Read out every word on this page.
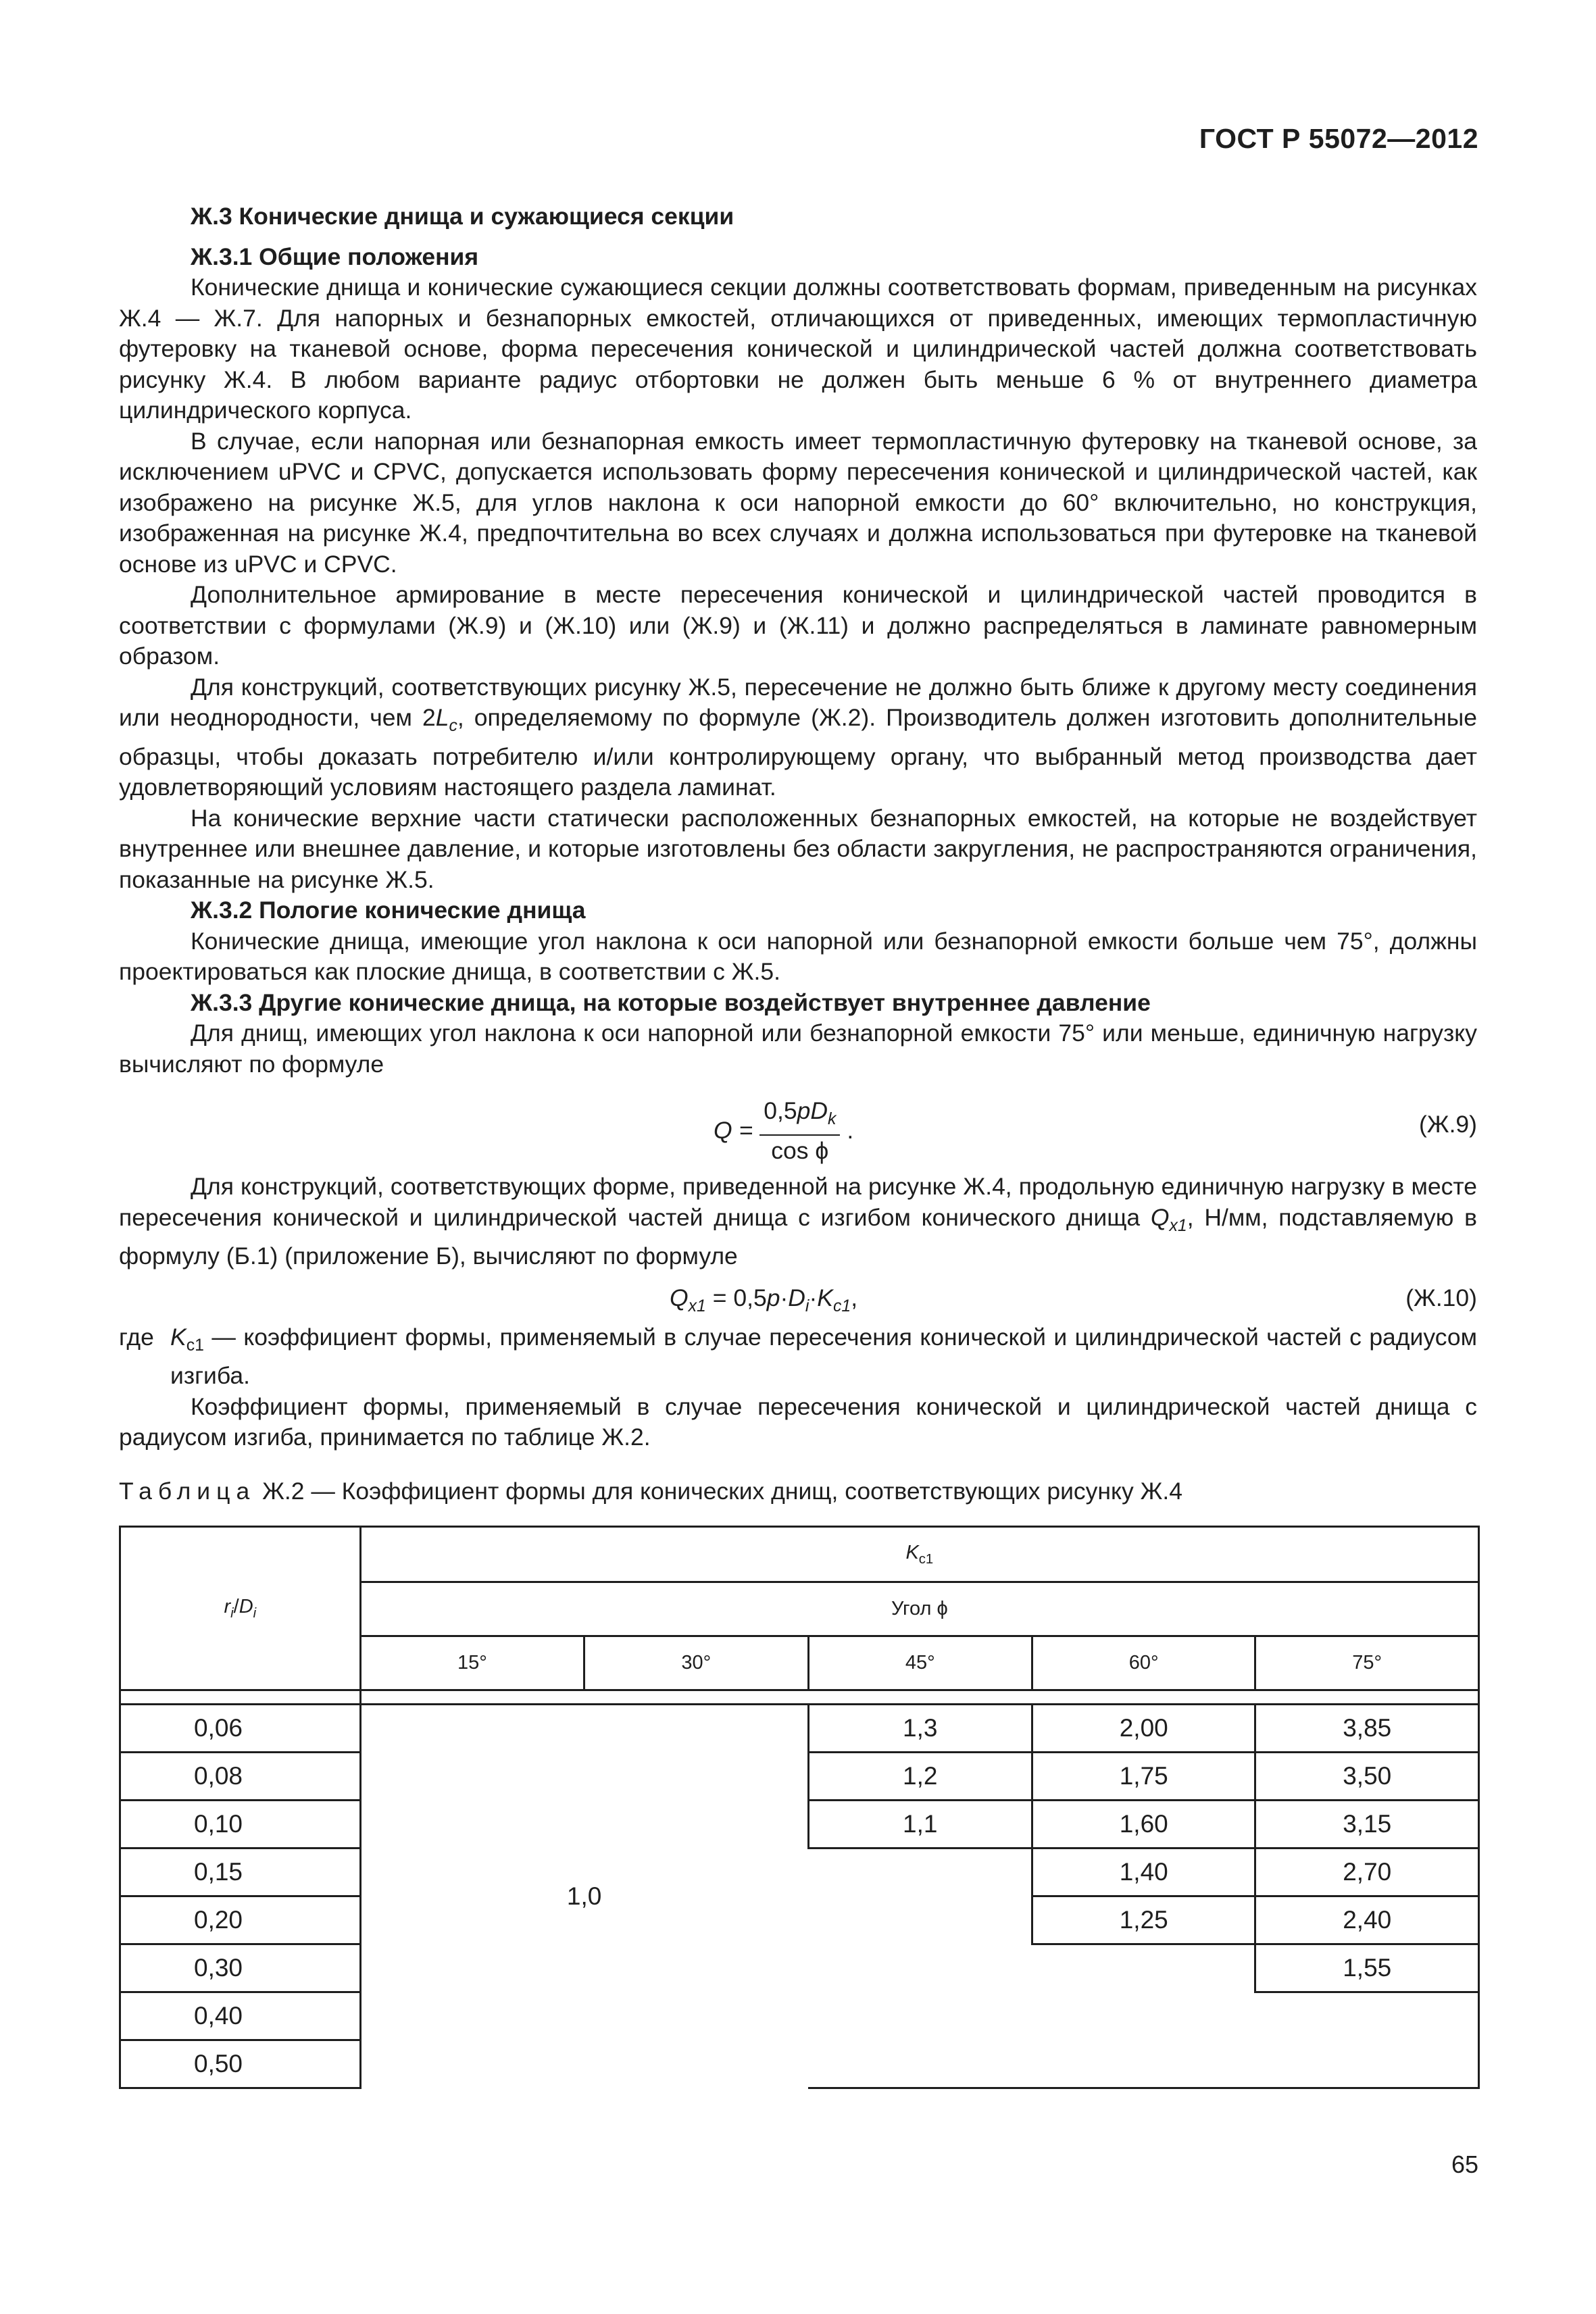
ГОСТ Р 55072—2012

Ж.3 Конические днища и сужающиеся секции

Ж.3.1 Общие положения

Конические днища и конические сужающиеся секции должны соответствовать формам, приведенным на рисунках Ж.4 — Ж.7. Для напорных и безнапорных емкостей, отличающихся от приведенных, имеющих термопластичную футеровку на тканевой основе, форма пересечения конической и цилиндрической частей должна соответствовать рисунку Ж.4. В любом варианте радиус отбортовки не должен быть меньше 6 % от внутреннего диаметра цилиндрического корпуса.

В случае, если напорная или безнапорная емкость имеет термопластичную футеровку на тканевой основе, за исключением uPVC и CPVC, допускается использовать форму пересечения конической и цилиндрической частей, как изображено на рисунке Ж.5, для углов наклона к оси напорной емкости до 60° включительно, но конструкция, изображенная на рисунке Ж.4, предпочтительна во всех случаях и должна использоваться при футеровке на тканевой основе из uPVC и CPVC.

Дополнительное армирование в месте пересечения конической и цилиндрической частей проводится в соответствии с формулами (Ж.9) и (Ж.10) или (Ж.9) и (Ж.11) и должно распределяться в ламинате равномерным образом.

Для конструкций, соответствующих рисунку Ж.5, пересечение не должно быть ближе к другому месту соединения или неоднородности, чем $2L_c$, определяемому по формуле (Ж.2). Производитель должен изготовить дополнительные образцы, чтобы доказать потребителю и/или контролирующему органу, что выбранный метод производства дает удовлетворяющий условиям настоящего раздела ламинат.

На конические верхние части статически расположенных безнапорных емкостей, на которые не воздействует внутреннее или внешнее давление, и которые изготовлены без области закругления, не распространяются ограничения, показанные на рисунке Ж.5.

Ж.3.2 Пологие конические днища

Конические днища, имеющие угол наклона к оси напорной или безнапорной емкости больше чем 75°, должны проектироваться как плоские днища, в соответствии с Ж.5.

Ж.3.3 Другие конические днища, на которые воздействует внутреннее давление

Для днищ, имеющих угол наклона к оси напорной или безнапорной емкости 75° или меньше, единичную нагрузку вычисляют по формуле

$Q = \frac{0,5pD_k}{\text{cos ϕ}}$ .	(Ж.9)

Для конструкций, соответствующих форме, приведенной на рисунке Ж.4, продольную единичную нагрузку в месте пересечения конической и цилиндрической частей днища с изгибом конического днища $Q_{x1}$, Н/мм, подставляемую в формулу (Б.1) (приложение Б), вычисляют по формуле

$Q_{x1} = 0,5p\cdot D_i\cdot K_{c1}$,	(Ж.10)
где $K_{c1}$ — коэффициент формы, применяемый в случае пересечения конической и цилиндрической частей с радиусом изгиба.

Коэффициент формы, применяемый в случае пересечения конической и цилиндрической частей днища с радиусом изгиба, принимается по таблице Ж.2.

Таблица Ж.2 — Коэффициент формы для конических днищ, соответствующих рисунку Ж.4
$r_i/D_i$	$K_{c1}$
	Угол ϕ				
	15°	30°	45°	60°	75°

0,06	1,0		1,3	2,00	3,85
0,08			1,2	1,75	3,50
0,10			1,1	1,60	3,15
0,15				1,40	2,70
0,20				1,25	2,40
0,30					1,55
0,40					
0,50					
65
